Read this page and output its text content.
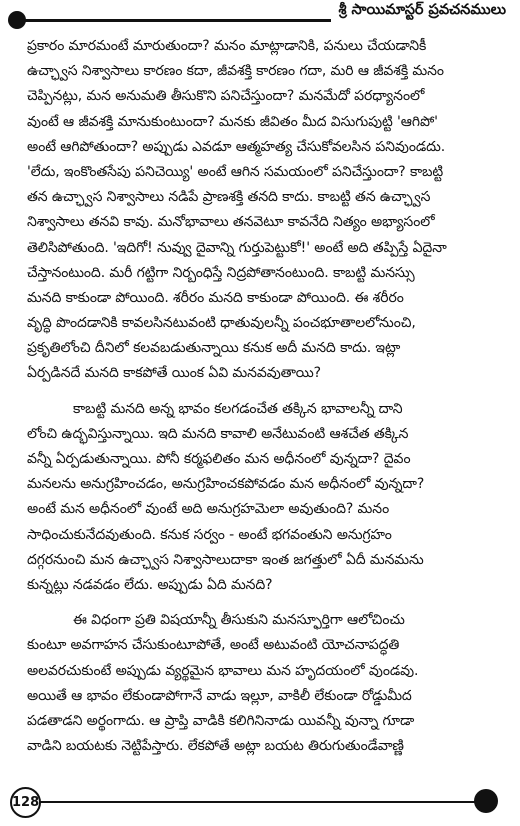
శ్రీ సాయిమాస్టర్ ప్రవచనములు
ప్రకారం మారమంటే మారుతుందా? మనం మాట్లాడానికి, పనులు చేయడానికీ
ఉచ్ఛ్వాస నిశ్వాసాలు కారణం కదా, జీవశక్తి కారణం గదా, మరి ఆ జీవశక్తి మనం
చెప్పినట్లు, మన అనుమతి తీసుకొని పనిచేస్తుందా? మనమేదో పరధ్యానంలో
వుంటే ఆ జీవశక్తి మానుకుంటుందా? మనకు జీవితం మీద విసుగుపుట్టి 'ఆగిపో'
అంటే ఆగిపోతుందా? అప్పుడు ఎవడూ ఆత్మహత్య చేసుకోవలసిన పనివుండదు.
'లేదు, ఇంకొంతసేపు పనిచెయ్యి' అంటే ఆగిన సమయంలో పనిచేస్తుందా? కాబట్టి
తన ఉచ్ఛ్వాస నిశ్వాసాలు నడిపే ప్రాణశక్తి తనది కాదు. కాబట్టి తన ఉచ్ఛ్వాస
నిశ్వాసాలు తనవి కావు. మనోభావాలు తనవెటూ కావనేది నిత్యం అభ్యాసంలో
తెలిసిపోతుంది. 'ఇదిగో! నువ్వు దైవాన్ని గుర్తుపెట్టుకో!' అంటే అది తప్పిస్తే ఏదైనా
చేస్తానంటుంది. మరీ గట్టిగా నిర్బంధిస్తే నిద్రపోతానంటుంది. కాబట్టి మనస్సు
మనది కాకుండా పోయింది. శరీరం మనది కాకుండా పోయింది. ఈ శరీరం
వృద్ధి పొందడానికి కావలసినటువంటి ధాతువులన్నీ పంచభూతాలలోనుంచి,
ప్రకృతిలోంచి దీనిలో కలవబడుతున్నాయి కనుక అదీ మనది కాదు. ఇట్లా
ఏర్పడినదే మనది కాకపోతే యింక ఏవి మనవవుతాయి?
కాబట్టి మనది అన్న భావం కలగడంచేత తక్కిన భావాలన్నీ దాని
లోంచి ఉద్భవిస్తున్నాయి. ఇది మనది కావాలి అనేటువంటి ఆశచేత తక్కిన
వన్నీ ఏర్పడుతున్నాయి. పోనీ కర్మఫలితం మన అధీనంలో వున్నదా? దైవం
మనలను అనుగ్రహించడం, అనుగ్రహించకపోవడం మన అధీనంలో వున్నదా?
అంటే మన అధీనంలో వుంటే అది అనుగ్రహమెలా అవుతుంది? మనం
సాధించుకునేదవుతుంది. కనుక సర్వం - అంటే భగవంతుని అనుగ్రహం
దగ్గరనుంచి మన ఉచ్ఛ్వాస నిశ్వాసాలుదాకా ఇంత జగత్తులో ఏదీ మనమను
కున్నట్లు నడవడం లేదు. అప్పుడు ఏది మనది?
ఈ విధంగా ప్రతి విషయాన్నీ తీసుకుని మనస్ఫూర్తిగా ఆలోచించు
కుంటూ అవగాహన చేసుకుంటూపోతే, అంటే అటువంటి యోచనాపద్ధతి
అలవరచుకుంటే అప్పుడు వ్యర్థమైన భావాలు మన హృదయంలో వుండవు.
అయితే ఆ భావం లేకుండాపోగానే వాడు ఇల్లూ, వాకిలీ లేకుండా రోడ్డుమీద
పడతాడని అర్థంగాదు. ఆ ప్రాప్తి వాడికి కలిగినినాడు యివన్నీ వున్నా గూడా
వాడిని బయటకు నెట్టిపేస్తారు. లేకపోతే అట్లా బయట తిరుగుతుండేవాణ్ణి
128
